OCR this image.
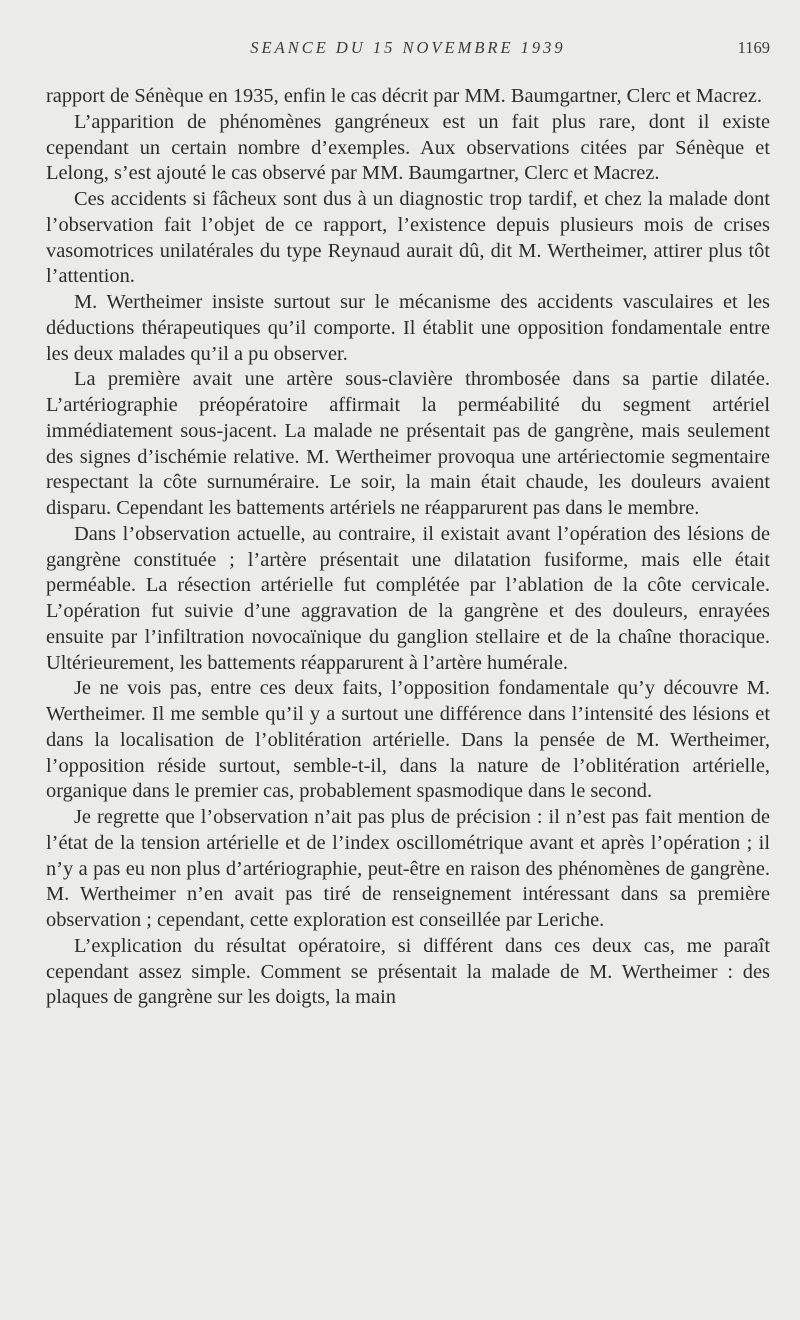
SEANCE DU 15 NOVEMBRE 1939	1169

rapport de Sénèque en 1935, enfin le cas décrit par MM. Baumgartner, Clerc et Macrez.

L’apparition de phénomènes gangréneux est un fait plus rare, dont il existe cependant un certain nombre d’exemples. Aux observations citées par Sénèque et Lelong, s’est ajouté le cas observé par MM. Baumgartner, Clerc et Macrez.

Ces accidents si fâcheux sont dus à un diagnostic trop tardif, et chez la malade dont l’observation fait l’objet de ce rapport, l’existence depuis plusieurs mois de crises vasomotrices unilatérales du type Reynaud aurait dû, dit M. Wertheimer, attirer plus tôt l’attention.

M. Wertheimer insiste surtout sur le mécanisme des accidents vasculaires et les déductions thérapeutiques qu’il comporte. Il établit une opposition fondamentale entre les deux malades qu’il a pu observer.

La première avait une artère sous-clavière thrombosée dans sa partie dilatée. L’artériographie préopératoire affirmait la perméabilité du segment artériel immédiatement sous-jacent. La malade ne présentait pas de gangrène, mais seulement des signes d’ischémie relative. M. Wertheimer provoqua une artériectomie segmentaire respectant la côte surnuméraire. Le soir, la main était chaude, les douleurs avaient disparu. Cependant les battements artériels ne réapparurent pas dans le membre.

Dans l’observation actuelle, au contraire, il existait avant l’opération des lésions de gangrène constituée ; l’artère présentait une dilatation fusiforme, mais elle était perméable. La résection artérielle fut complétée par l’ablation de la côte cervicale. L’opération fut suivie d’une aggravation de la gangrène et des douleurs, enrayées ensuite par l’infiltration novocaïnique du ganglion stellaire et de la chaîne thoracique. Ultérieurement, les battements réapparurent à l’artère humérale.

Je ne vois pas, entre ces deux faits, l’opposition fondamentale qu’y découvre M. Wertheimer. Il me semble qu’il y a surtout une différence dans l’intensité des lésions et dans la localisation de l’oblitération artérielle. Dans la pensée de M. Wertheimer, l’opposition réside surtout, semble-t-il, dans la nature de l’oblitération artérielle, organique dans le premier cas, probablement spasmodique dans le second.

Je regrette que l’observation n’ait pas plus de précision : il n’est pas fait mention de l’état de la tension artérielle et de l’index oscillométrique avant et après l’opération ; il n’y a pas eu non plus d’artériographie, peut-être en raison des phénomènes de gangrène. M. Wertheimer n’en avait pas tiré de renseignement intéressant dans sa première observation ; cependant, cette exploration est conseillée par Leriche.

L’explication du résultat opératoire, si différent dans ces deux cas, me paraît cependant assez simple. Comment se présentait la malade de M. Wertheimer : des plaques de gangrène sur les doigts, la main
